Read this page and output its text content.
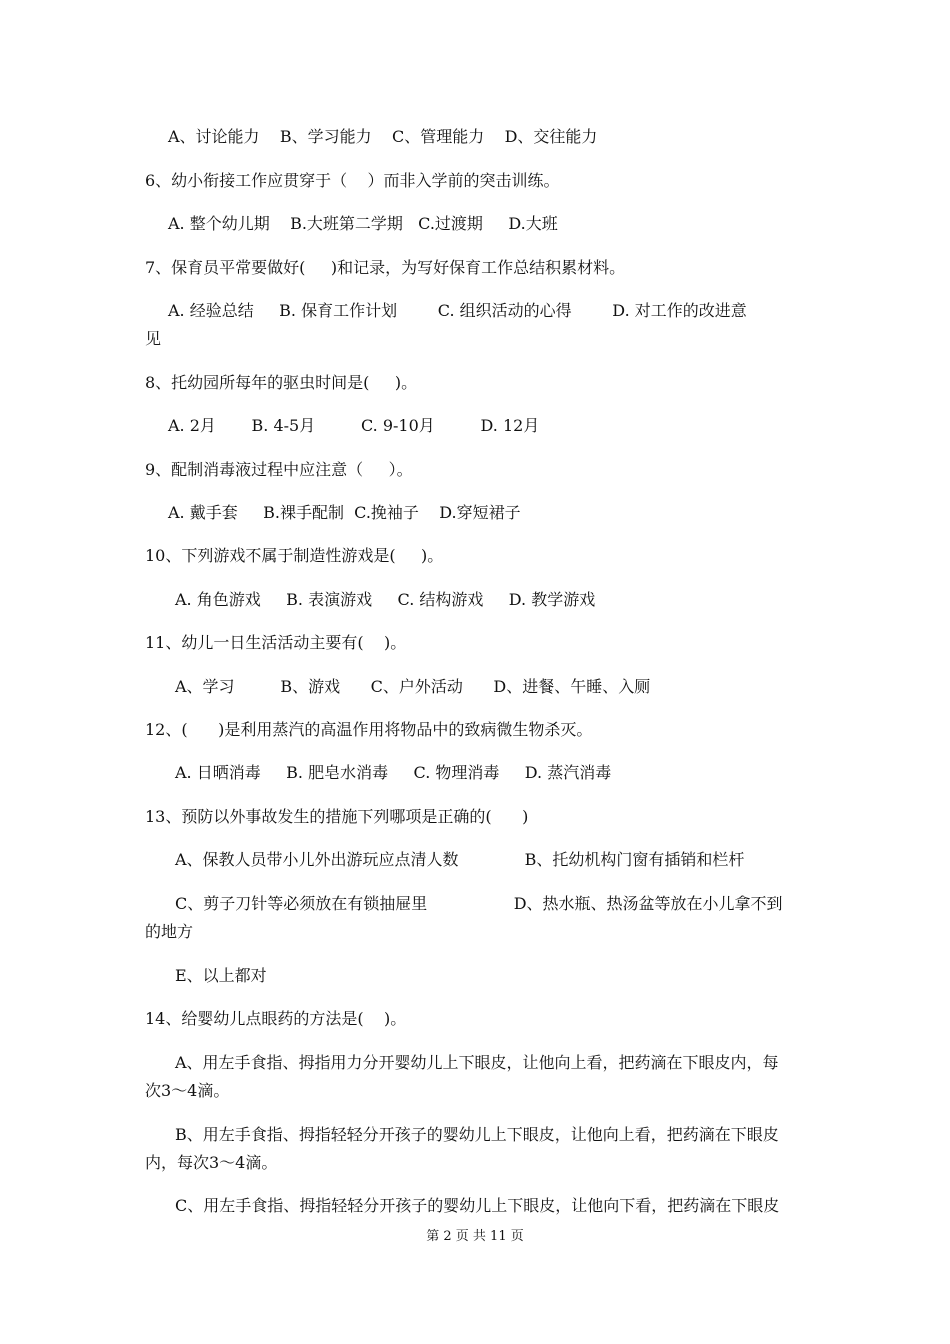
A、讨论能力    B、学习能力    C、管理能力    D、交往能力
6、幼小衔接工作应贯穿于（    ）而非入学前的突击训练。
A. 整个幼儿期    B.大班第二学期   C.过渡期     D.大班
7、保育员平常要做好(     )和记录，为写好保育工作总结积累材料。
A. 经验总结     B. 保育工作计划        C. 组织活动的心得        D. 对工作的改进意
见
8、托幼园所每年的驱虫时间是(     )。
A. 2月       B. 4-5月         C. 9-10月         D. 12月
9、配制消毒液过程中应注意（     ）。
A. 戴手套     B.裸手配制  C.挽袖子    D.穿短裙子
10、下列游戏不属于制造性游戏是(     )。
A. 角色游戏     B. 表演游戏     C. 结构游戏     D. 教学游戏
11、幼儿一日生活活动主要有(    )。
A、学习         B、游戏      C、户外活动      D、进餐、午睡、入厕
12、(      )是利用蒸汽的高温作用将物品中的致病微生物杀灭。
A. 日晒消毒     B. 肥皂水消毒     C. 物理消毒     D. 蒸汽消毒
13、预防以外事故发生的措施下列哪项是正确的(      )
A、保教人员带小儿外出游玩应点清人数             B、托幼机构门窗有插销和栏杆
C、剪子刀针等必须放在有锁抽屉里                 D、热水瓶、热汤盆等放在小儿拿不到
的地方
E、以上都对
14、给婴幼儿点眼药的方法是(    )。
A、用左手食指、拇指用力分开婴幼儿上下眼皮，让他向上看，把药滴在下眼皮内，每
次3～4滴。
B、用左手食指、拇指轻轻分开孩子的婴幼儿上下眼皮，让他向上看，把药滴在下眼皮
内，每次3～4滴。
C、用左手食指、拇指轻轻分开孩子的婴幼儿上下眼皮，让他向下看，把药滴在下眼皮
第 2 页 共 11 页
